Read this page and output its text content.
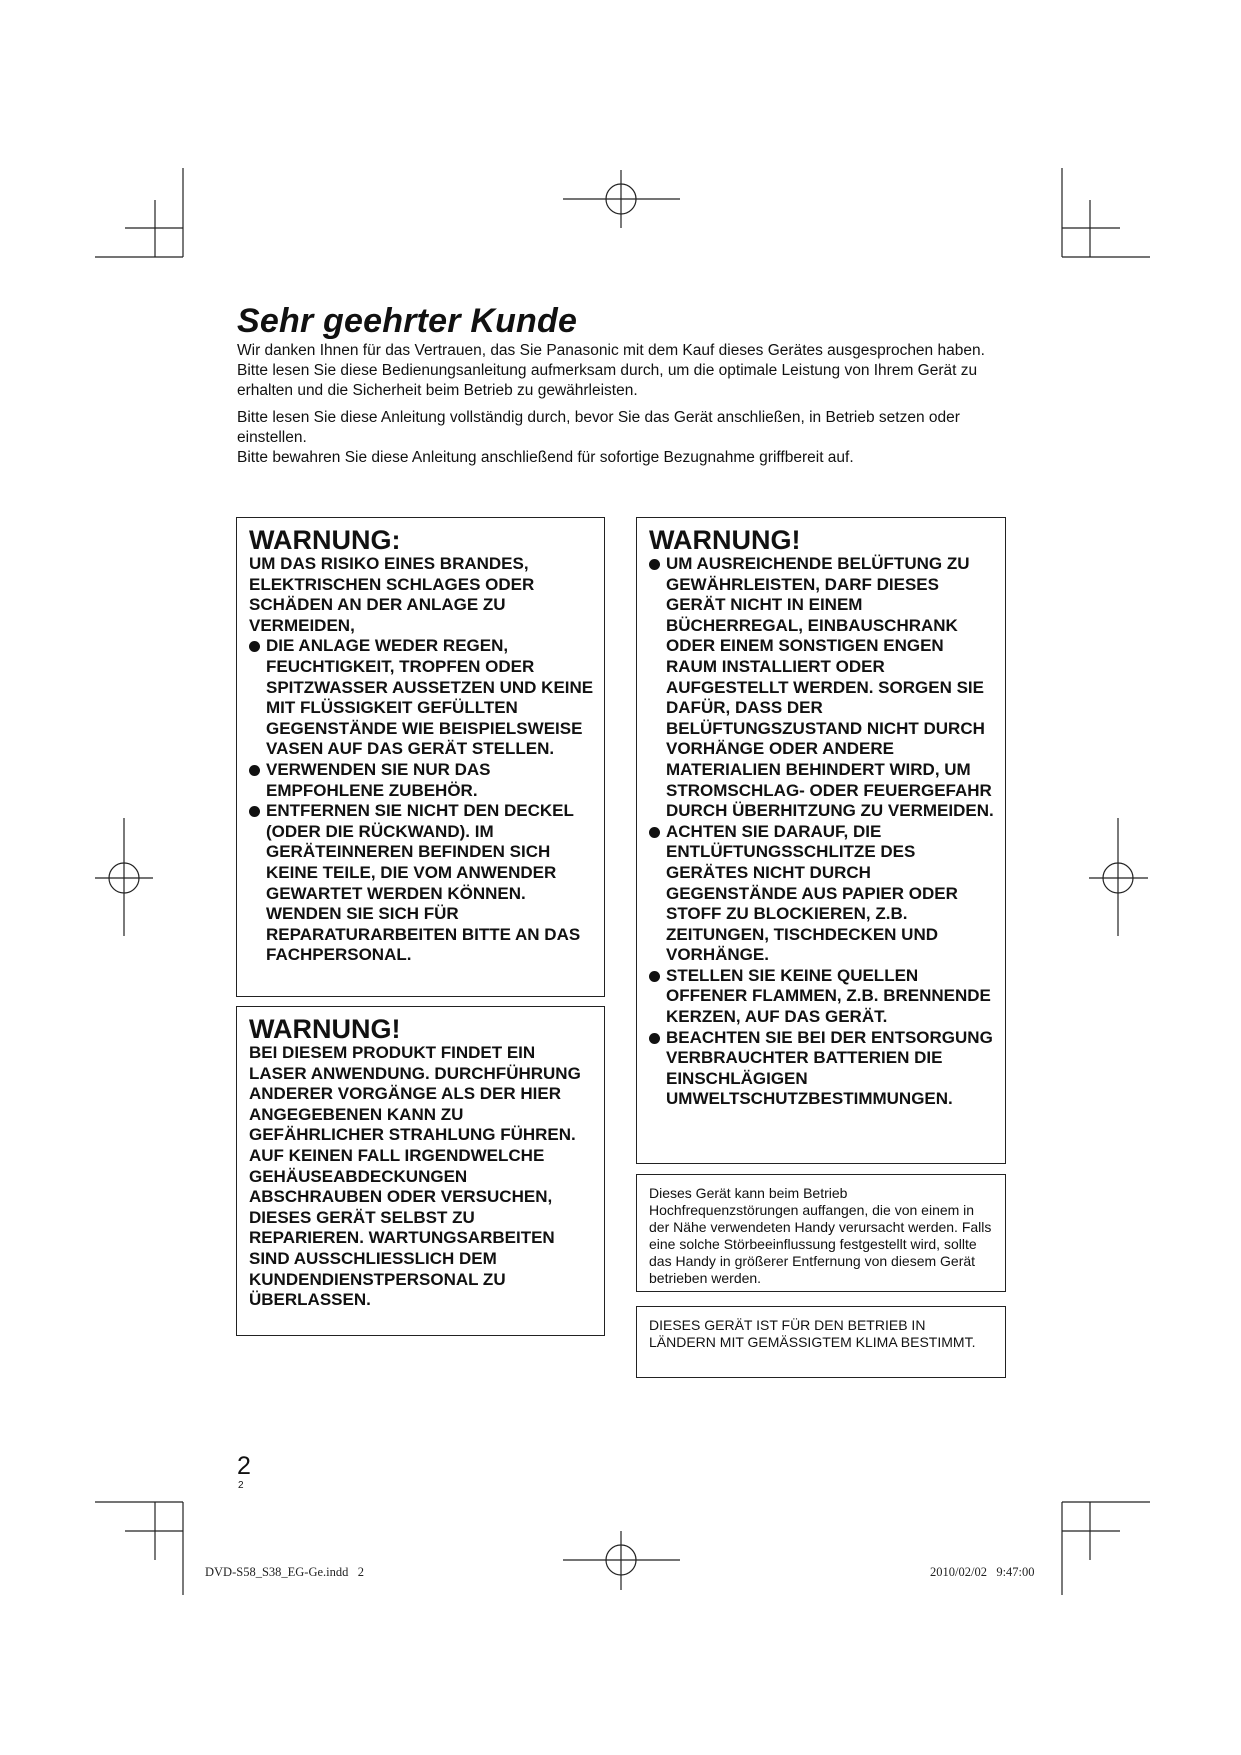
Sehr geehrter Kunde

Wir danken Ihnen für das Vertrauen, das Sie Panasonic mit dem Kauf dieses Gerätes ausgesprochen haben.

Bitte lesen Sie diese Bedienungsanleitung aufmerksam durch, um die optimale Leistung von Ihrem Gerät zu erhalten und die Sicherheit beim Betrieb zu gewährleisten.

Bitte lesen Sie diese Anleitung vollständig durch, bevor Sie das Gerät anschließen, in Betrieb setzen oder einstellen.

Bitte bewahren Sie diese Anleitung anschließend für sofortige Bezugnahme griffbereit auf.

WARNUNG:
UM DAS RISIKO EINES BRANDES, ELEKTRISCHEN SCHLAGES ODER SCHÄDEN AN DER ANLAGE ZU VERMEIDEN,
DIE ANLAGE WEDER REGEN, FEUCHTIGKEIT, TROPFEN ODER SPITZWASSER AUSSETZEN UND KEINE MIT FLÜSSIGKEIT GEFÜLLTEN GEGENSTÄNDE WIE BEISPIELSWEISE VASEN AUF DAS GERÄT STELLEN.
VERWENDEN SIE NUR DAS EMPFOHLENE ZUBEHÖR.
ENTFERNEN SIE NICHT DEN DECKEL (ODER DIE RÜCKWAND). IM GERÄTEINNEREN BEFINDEN SICH KEINE TEILE, DIE VOM ANWENDER GEWARTET WERDEN KÖNNEN. WENDEN SIE SICH FÜR REPARATURARBEITEN BITTE AN DAS FACHPERSONAL.
WARNUNG!
BEI DIESEM PRODUKT FINDET EIN LASER ANWENDUNG. DURCHFÜHRUNG ANDERER VORGÄNGE ALS DER HIER ANGEGEBENEN KANN ZU GEFÄHRLICHER STRAHLUNG FÜHREN. AUF KEINEN FALL IRGENDWELCHE GEHÄUSEABDECKUNGEN ABSCHRAUBEN ODER VERSUCHEN, DIESES GERÄT SELBST ZU REPARIEREN. WARTUNGSARBEITEN SIND AUSSCHLIESSLICH DEM KUNDENDIENSTPERSONAL ZU ÜBERLASSEN.
WARNUNG!
UM AUSREICHENDE BELÜFTUNG ZU GEWÄHRLEISTEN, DARF DIESES GERÄT NICHT IN EINEM BÜCHERREGAL, EINBAUSCHRANK ODER EINEM SONSTIGEN ENGEN RAUM INSTALLIERT ODER AUFGESTELLT WERDEN. SORGEN SIE DAFÜR, DASS DER BELÜFTUNGSZUSTAND NICHT DURCH VORHÄNGE ODER ANDERE MATERIALIEN BEHINDERT WIRD, UM STROMSCHLAG- ODER FEUERGEFAHR DURCH ÜBERHITZUNG ZU VERMEIDEN.
ACHTEN SIE DARAUF, DIE ENTLÜFTUNGSSCHLITZE DES GERÄTES NICHT DURCH GEGENSTÄNDE AUS PAPIER ODER STOFF ZU BLOCKIEREN, Z.B. ZEITUNGEN, TISCHDECKEN UND VORHÄNGE.
STELLEN SIE KEINE QUELLEN OFFENER FLAMMEN, Z.B. BRENNENDE KERZEN, AUF DAS GERÄT.
BEACHTEN SIE BEI DER ENTSORGUNG VERBRAUCHTER BATTERIEN DIE EINSCHLÄGIGEN UMWELTSCHUTZBESTIMMUNGEN.
Dieses Gerät kann beim Betrieb Hochfrequenzstörungen auffangen, die von einem in der Nähe verwendeten Handy verursacht werden. Falls eine solche Störbeeinflussung festgestellt wird, sollte das Handy in größerer Entfernung von diesem Gerät betrieben werden.
DIESES GERÄT IST FÜR DEN BETRIEB IN LÄNDERN MIT GEMÄSSIGTEM KLIMA BESTIMMT.
2
2
DVD-S58_S38_EG-Ge.indd   2	2010/02/02   9:47:00
